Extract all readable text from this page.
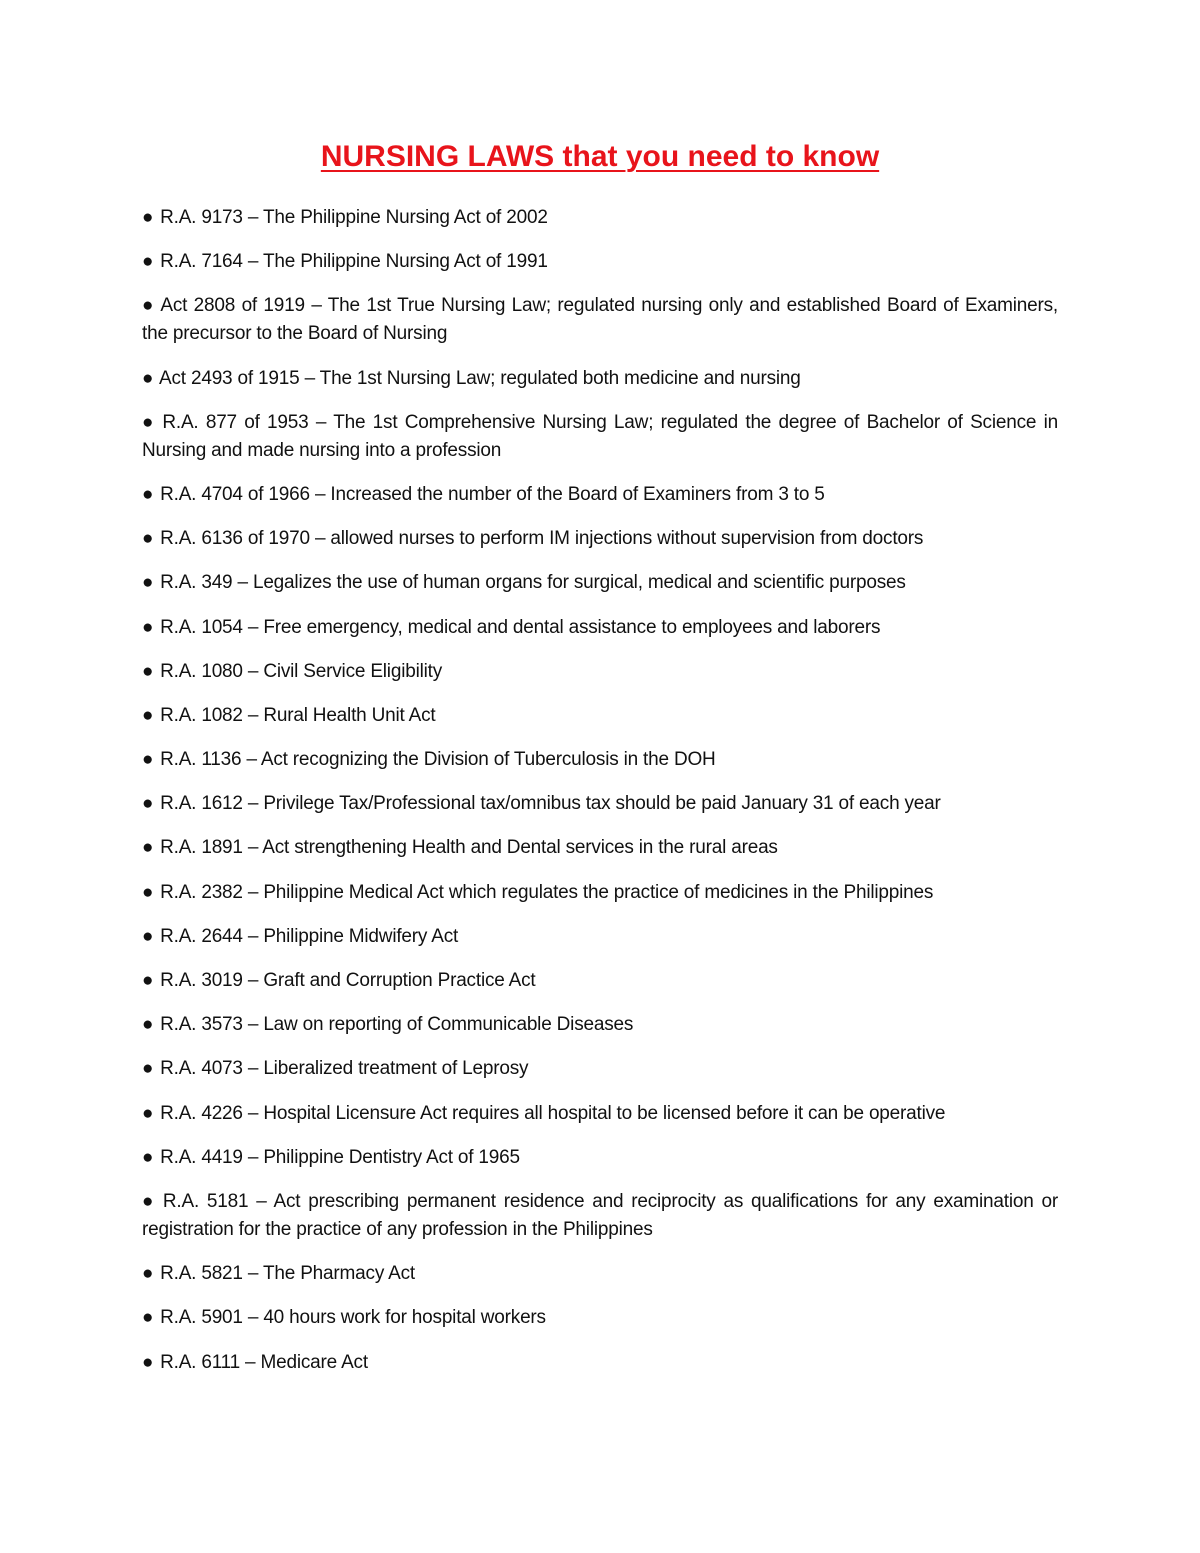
NURSING LAWS that you need to know
● R.A. 9173 – The Philippine Nursing Act of 2002
● R.A. 7164 – The Philippine Nursing Act of 1991
● Act 2808 of 1919 – The 1st True Nursing Law; regulated nursing only and established Board of Examiners, the precursor to the Board of Nursing
● Act 2493 of 1915 – The 1st Nursing Law; regulated both medicine and nursing
● R.A. 877 of 1953 – The 1st Comprehensive Nursing Law; regulated the degree of Bachelor of Science in Nursing and made nursing into a profession
● R.A. 4704 of 1966 – Increased the number of the Board of Examiners from 3 to 5
● R.A. 6136 of 1970 – allowed nurses to perform IM injections without supervision from doctors
● R.A. 349 – Legalizes the use of human organs for surgical, medical and scientific purposes
● R.A. 1054 – Free emergency, medical and dental assistance to employees and laborers
● R.A. 1080 – Civil Service Eligibility
● R.A. 1082 – Rural Health Unit Act
● R.A. 1136 – Act recognizing the Division of Tuberculosis in the DOH
● R.A. 1612 – Privilege Tax/Professional tax/omnibus tax should be paid January 31 of each year
● R.A. 1891 – Act strengthening Health and Dental services in the rural areas
● R.A. 2382 – Philippine Medical Act which regulates the practice of medicines in the Philippines
● R.A. 2644 – Philippine Midwifery Act
● R.A. 3019 – Graft and Corruption Practice Act
● R.A. 3573 – Law on reporting of Communicable Diseases
● R.A. 4073 – Liberalized treatment of Leprosy
● R.A. 4226 – Hospital Licensure Act requires all hospital to be licensed before it can be operative
● R.A. 4419 – Philippine Dentistry Act of 1965
● R.A. 5181 – Act prescribing permanent residence and reciprocity as qualifications for any examination or registration for the practice of any profession in the Philippines
● R.A. 5821 – The Pharmacy Act
● R.A. 5901 – 40 hours work for hospital workers
● R.A. 6111 – Medicare Act
